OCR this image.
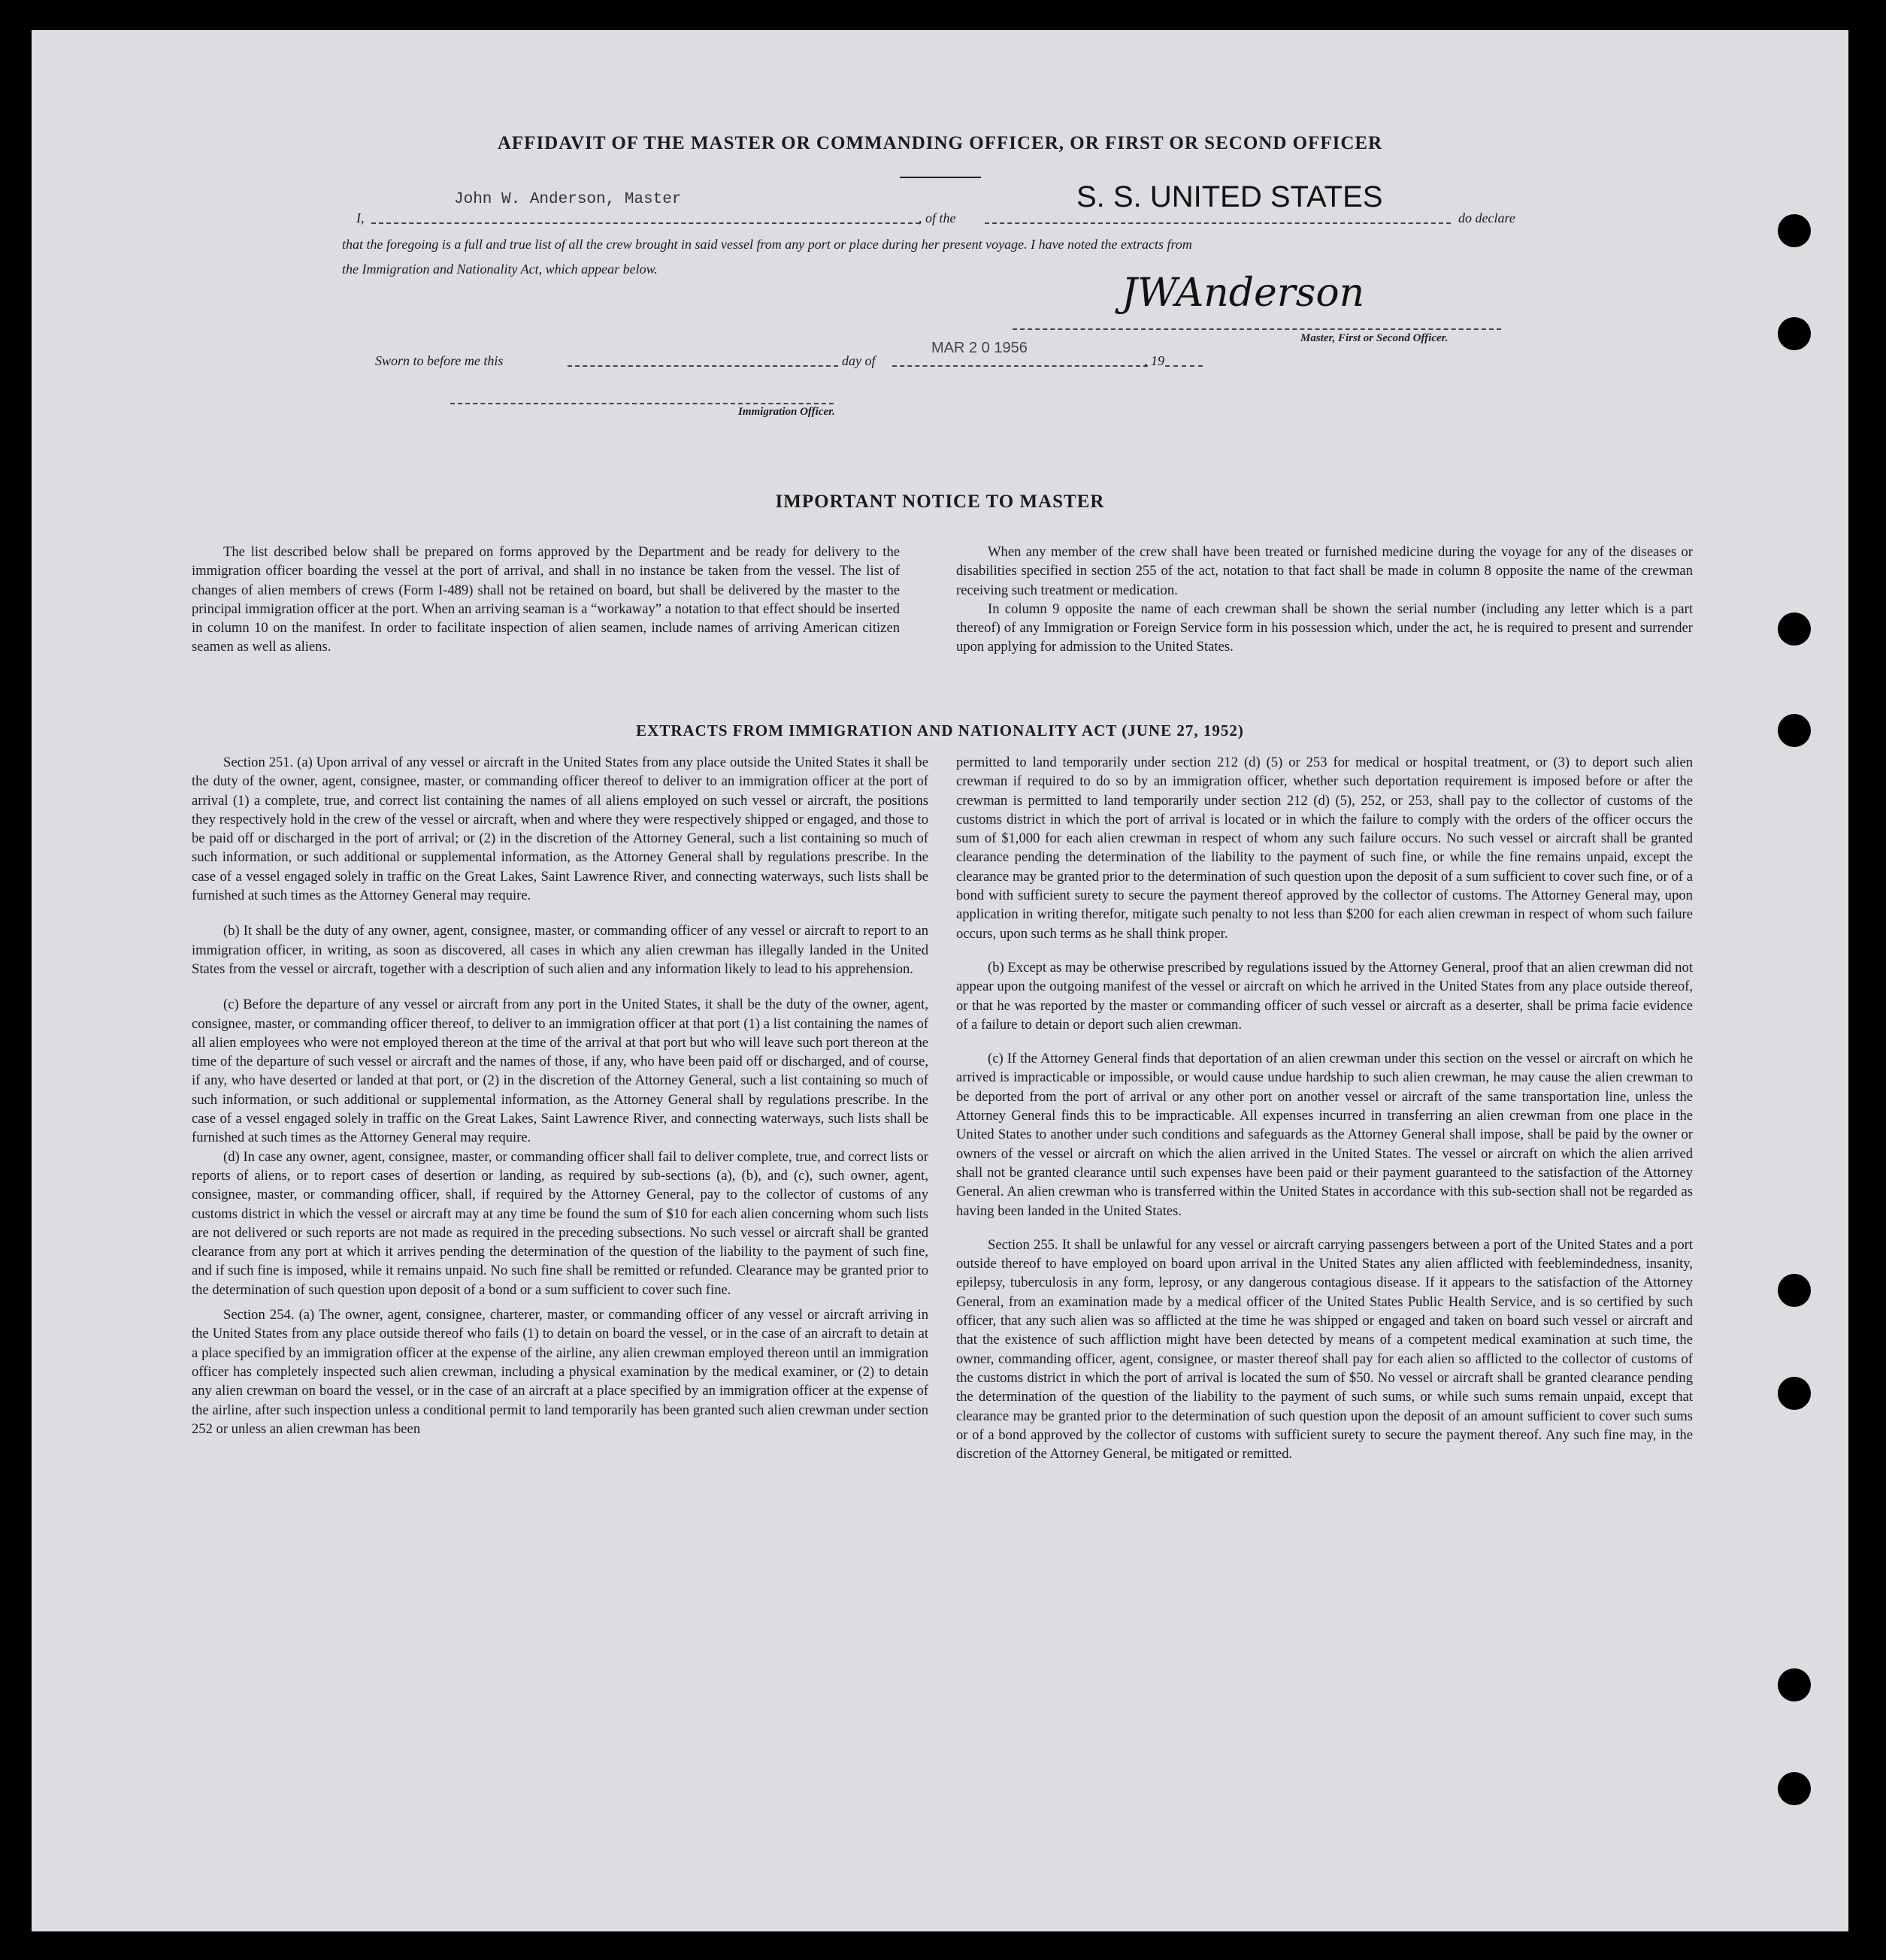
AFFIDAVIT OF THE MASTER OR COMMANDING OFFICER, OR FIRST OR SECOND OFFICER
I,
John W. Anderson, Master
, of the
S. S. UNITED STATES
do declare
that the foregoing is a full and true list of all the crew brought in said vessel from any port or place during her present voyage. I have noted the extracts from
the Immigration and Nationality Act, which appear below.
JWAnderson
Master, First or Second Officer.
Sworn to before me this	day of
MAR 2 0 1956
, 19
Immigration Officer.
IMPORTANT NOTICE TO MASTER

The list described below shall be prepared on forms approved by the Department and be ready for delivery to the immigration officer boarding the vessel at the port of arrival, and shall in no instance be taken from the vessel. The list of changes of alien members of crews (Form I-489) shall not be retained on board, but shall be delivered by the master to the principal immigration officer at the port. When an arriving seaman is a “workaway” a notation to that effect should be inserted in column 10 on the manifest. In order to facilitate inspection of alien seamen, include names of arriving American citizen seamen as well as aliens.

When any member of the crew shall have been treated or furnished medicine during the voyage for any of the diseases or disabilities specified in section 255 of the act, notation to that fact shall be made in column 8 opposite the name of the crewman receiving such treatment or medication.

In column 9 opposite the name of each crewman shall be shown the serial number (including any letter which is a part thereof) of any Immigration or Foreign Service form in his possession which, under the act, he is required to present and surrender upon applying for admission to the United States.

EXTRACTS FROM IMMIGRATION AND NATIONALITY ACT (JUNE 27, 1952)

Section 251. (a) Upon arrival of any vessel or aircraft in the United States from any place outside the United States it shall be the duty of the owner, agent, consignee, master, or commanding officer thereof to deliver to an immigration officer at the port of arrival (1) a complete, true, and correct list containing the names of all aliens employed on such vessel or aircraft, the positions they respectively hold in the crew of the vessel or aircraft, when and where they were respectively shipped or engaged, and those to be paid off or discharged in the port of arrival; or (2) in the discretion of the Attorney General, such a list containing so much of such information, or such additional or supplemental information, as the Attorney General shall by regulations prescribe. In the case of a vessel engaged solely in traffic on the Great Lakes, Saint Lawrence River, and connecting waterways, such lists shall be furnished at such times as the Attorney General may require.

(b) It shall be the duty of any owner, agent, consignee, master, or commanding officer of any vessel or aircraft to report to an immigration officer, in writing, as soon as discovered, all cases in which any alien crewman has illegally landed in the United States from the vessel or aircraft, together with a description of such alien and any information likely to lead to his apprehension.

(c) Before the departure of any vessel or aircraft from any port in the United States, it shall be the duty of the owner, agent, consignee, master, or commanding officer thereof, to deliver to an immigration officer at that port (1) a list containing the names of all alien employees who were not employed thereon at the time of the arrival at that port but who will leave such port thereon at the time of the departure of such vessel or aircraft and the names of those, if any, who have been paid off or discharged, and of course, if any, who have deserted or landed at that port, or (2) in the discretion of the Attorney General, such a list containing so much of such information, or such additional or supplemental information, as the Attorney General shall by regulations prescribe. In the case of a vessel engaged solely in traffic on the Great Lakes, Saint Lawrence River, and connecting waterways, such lists shall be furnished at such times as the Attorney General may require.

(d) In case any owner, agent, consignee, master, or commanding officer shall fail to deliver complete, true, and correct lists or reports of aliens, or to report cases of desertion or landing, as required by sub-sections (a), (b), and (c), such owner, agent, consignee, master, or commanding officer, shall, if required by the Attorney General, pay to the collector of customs of any customs district in which the vessel or aircraft may at any time be found the sum of $10 for each alien concerning whom such lists are not delivered or such reports are not made as required in the preceding subsections. No such vessel or aircraft shall be granted clearance from any port at which it arrives pending the determination of the question of the liability to the payment of such fine, and if such fine is imposed, while it remains unpaid. No such fine shall be remitted or refunded. Clearance may be granted prior to the determination of such question upon deposit of a bond or a sum sufficient to cover such fine.

Section 254. (a) The owner, agent, consignee, charterer, master, or commanding officer of any vessel or aircraft arriving in the United States from any place outside thereof who fails (1) to detain on board the vessel, or in the case of an aircraft to detain at a place specified by an immigration officer at the expense of the airline, any alien crewman employed thereon until an immigration officer has completely inspected such alien crewman, including a physical examination by the medical examiner, or (2) to detain any alien crewman on board the vessel, or in the case of an aircraft at a place specified by an immigration officer at the expense of the airline, after such inspection unless a conditional permit to land temporarily has been granted such alien crewman under section 252 or unless an alien crewman has been

permitted to land temporarily under section 212 (d) (5) or 253 for medical or hospital treatment, or (3) to deport such alien crewman if required to do so by an immigration officer, whether such deportation requirement is imposed before or after the crewman is permitted to land temporarily under section 212 (d) (5), 252, or 253, shall pay to the collector of customs of the customs district in which the port of arrival is located or in which the failure to comply with the orders of the officer occurs the sum of $1,000 for each alien crewman in respect of whom any such failure occurs. No such vessel or aircraft shall be granted clearance pending the determination of the liability to the payment of such fine, or while the fine remains unpaid, except the clearance may be granted prior to the determination of such question upon the deposit of a sum sufficient to cover such fine, or of a bond with sufficient surety to secure the payment thereof approved by the collector of customs. The Attorney General may, upon application in writing therefor, mitigate such penalty to not less than $200 for each alien crewman in respect of whom such failure occurs, upon such terms as he shall think proper.

(b) Except as may be otherwise prescribed by regulations issued by the Attorney General, proof that an alien crewman did not appear upon the outgoing manifest of the vessel or aircraft on which he arrived in the United States from any place outside thereof, or that he was reported by the master or commanding officer of such vessel or aircraft as a deserter, shall be prima facie evidence of a failure to detain or deport such alien crewman.

(c) If the Attorney General finds that deportation of an alien crewman under this section on the vessel or aircraft on which he arrived is impracticable or impossible, or would cause undue hardship to such alien crewman, he may cause the alien crewman to be deported from the port of arrival or any other port on another vessel or aircraft of the same transportation line, unless the Attorney General finds this to be impracticable. All expenses incurred in transferring an alien crewman from one place in the United States to another under such conditions and safeguards as the Attorney General shall impose, shall be paid by the owner or owners of the vessel or aircraft on which the alien arrived in the United States. The vessel or aircraft on which the alien arrived shall not be granted clearance until such expenses have been paid or their payment guaranteed to the satisfaction of the Attorney General. An alien crewman who is transferred within the United States in accordance with this sub-section shall not be regarded as having been landed in the United States.

Section 255. It shall be unlawful for any vessel or aircraft carrying passengers between a port of the United States and a port outside thereof to have employed on board upon arrival in the United States any alien afflicted with feeblemindedness, insanity, epilepsy, tuberculosis in any form, leprosy, or any dangerous contagious disease. If it appears to the satisfaction of the Attorney General, from an examination made by a medical officer of the United States Public Health Service, and is so certified by such officer, that any such alien was so afflicted at the time he was shipped or engaged and taken on board such vessel or aircraft and that the existence of such affliction might have been detected by means of a competent medical examination at such time, the owner, commanding officer, agent, consignee, or master thereof shall pay for each alien so afflicted to the collector of customs of the customs district in which the port of arrival is located the sum of $50. No vessel or aircraft shall be granted clearance pending the determination of the question of the liability to the payment of such sums, or while such sums remain unpaid, except that clearance may be granted prior to the determination of such question upon the deposit of an amount sufficient to cover such sums or of a bond approved by the collector of customs with sufficient surety to secure the payment thereof. Any such fine may, in the discretion of the Attorney General, be mitigated or remitted.
